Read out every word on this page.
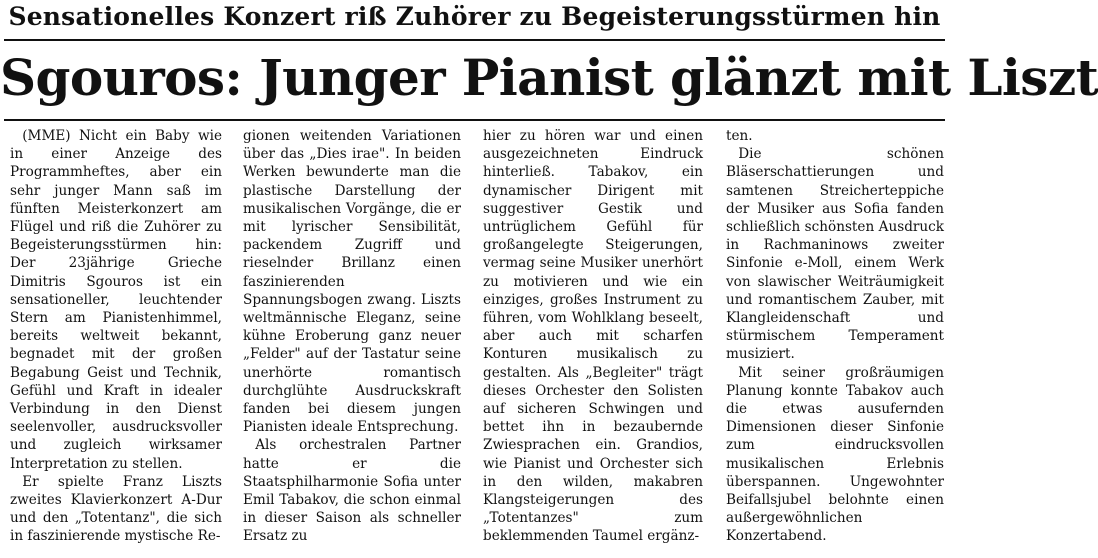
Sensationelles Konzert riß Zuhörer zu Begeisterungsstürmen hin
Sgouros: Junger Pianist glänzt mit Liszt

(MME) Nicht ein Baby wie in einer Anzeige des Programmheftes, aber ein sehr junger Mann saß im fünften Meisterkonzert am Flügel und riß die Zuhörer zu Begeisterungsstürmen hin: Der 23jährige Grieche Dimitris Sgouros ist ein sensationeller, leuchtender Stern am Pianistenhimmel, bereits weltweit bekannt, begnadet mit der großen Begabung Geist und Technik, Gefühl und Kraft in idealer Verbindung in den Dienst seelenvoller, ausdrucksvoller und zugleich wirksamer Interpretation zu stellen.

Er spielte Franz Liszts zweites Klavierkonzert A-Dur und den „Totentanz", die sich in faszinierende mystische Re-

gionen weitenden Variationen über das „Dies irae". In beiden Werken bewunderte man die plastische Darstellung der musikalischen Vorgänge, die er mit lyrischer Sensibilität, packendem Zugriff und rieselnder Brillanz einen faszinierenden Spannungsbogen zwang. Liszts weltmännische Eleganz, seine kühne Eroberung ganz neuer „Felder" auf der Tastatur seine unerhörte romantisch durchglühte Ausdruckskraft fanden bei diesem jungen Pianisten ideale Entsprechung.

Als orchestralen Partner hatte er die Staatsphilharmonie Sofia unter Emil Tabakov, die schon einmal in dieser Saison als schneller Ersatz zu

hier zu hören war und einen ausgezeichneten Eindruck hinterließ. Tabakov, ein dynamischer Dirigent mit suggestiver Gestik und untrüglichem Gefühl für großangelegte Steigerungen, vermag seine Musiker unerhört zu motivieren und wie ein einziges, großes Instrument zu führen, vom Wohlklang beseelt, aber auch mit scharfen Konturen musikalisch zu gestalten. Als „Begleiter" trägt dieses Orchester den Solisten auf sicheren Schwingen und bettet ihn in bezaubernde Zwiesprachen ein. Grandios, wie Pianist und Orchester sich in den wilden, makabren Klangsteigerungen des „Totentanzes" zum beklemmenden Taumel ergänz-

ten.

Die schönen Bläserschattierungen und samtenen Streicherteppiche der Musiker aus Sofia fanden schließlich schönsten Ausdruck in Rachmaninows zweiter Sinfonie e-Moll, einem Werk von slawischer Weiträumigkeit und romantischem Zauber, mit Klangleidenschaft und stürmischem Temperament musiziert.

Mit seiner großräumigen Planung konnte Tabakov auch die etwas ausufernden Dimensionen dieser Sinfonie zum eindrucksvollen musikalischen Erlebnis überspannen. Ungewohnter Beifallsjubel belohnte einen außergewöhnlichen Konzertabend.
